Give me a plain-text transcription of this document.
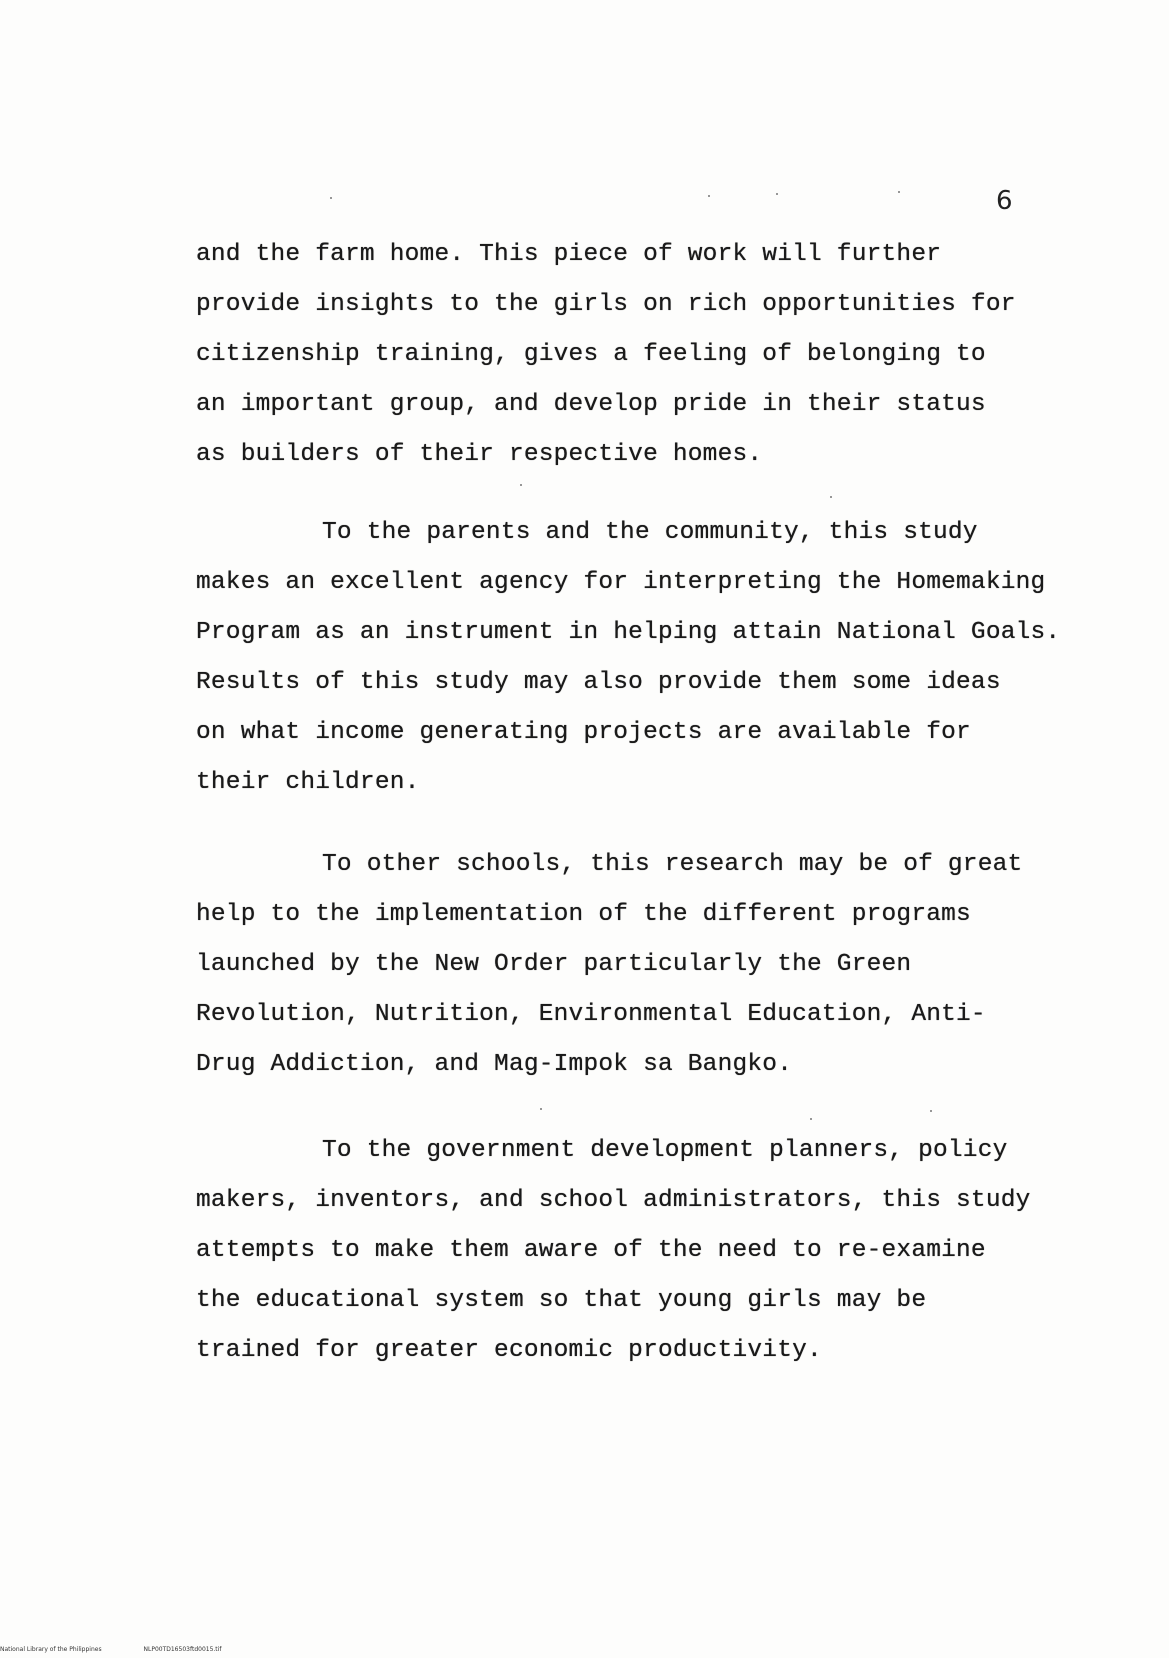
6
and the farm home. This piece of work will further
provide insights to the girls on rich opportunities for
citizenship training, gives a feeling of belonging to
an important group, and develop pride in their status
as builders of their respective homes.
To the parents and the community, this study
makes an excellent agency for interpreting the Homemaking
Program as an instrument in helping attain National Goals.
Results of this study may also provide them some ideas
on what income generating projects are available for
their children.
To other schools, this research may be of great
help to the implementation of the different programs
launched by the New Order particularly the Green
Revolution, Nutrition, Environmental Education, Anti-
Drug Addiction, and Mag-Impok sa Bangko.
To the government development planners, policy
makers, inventors, and school administrators, this study
attempts to make them aware of the need to re-examine
the educational system so that young girls may be
trained for greater economic productivity.
National Library of the Philippines	NLP00TD16503ftd0015.tif
